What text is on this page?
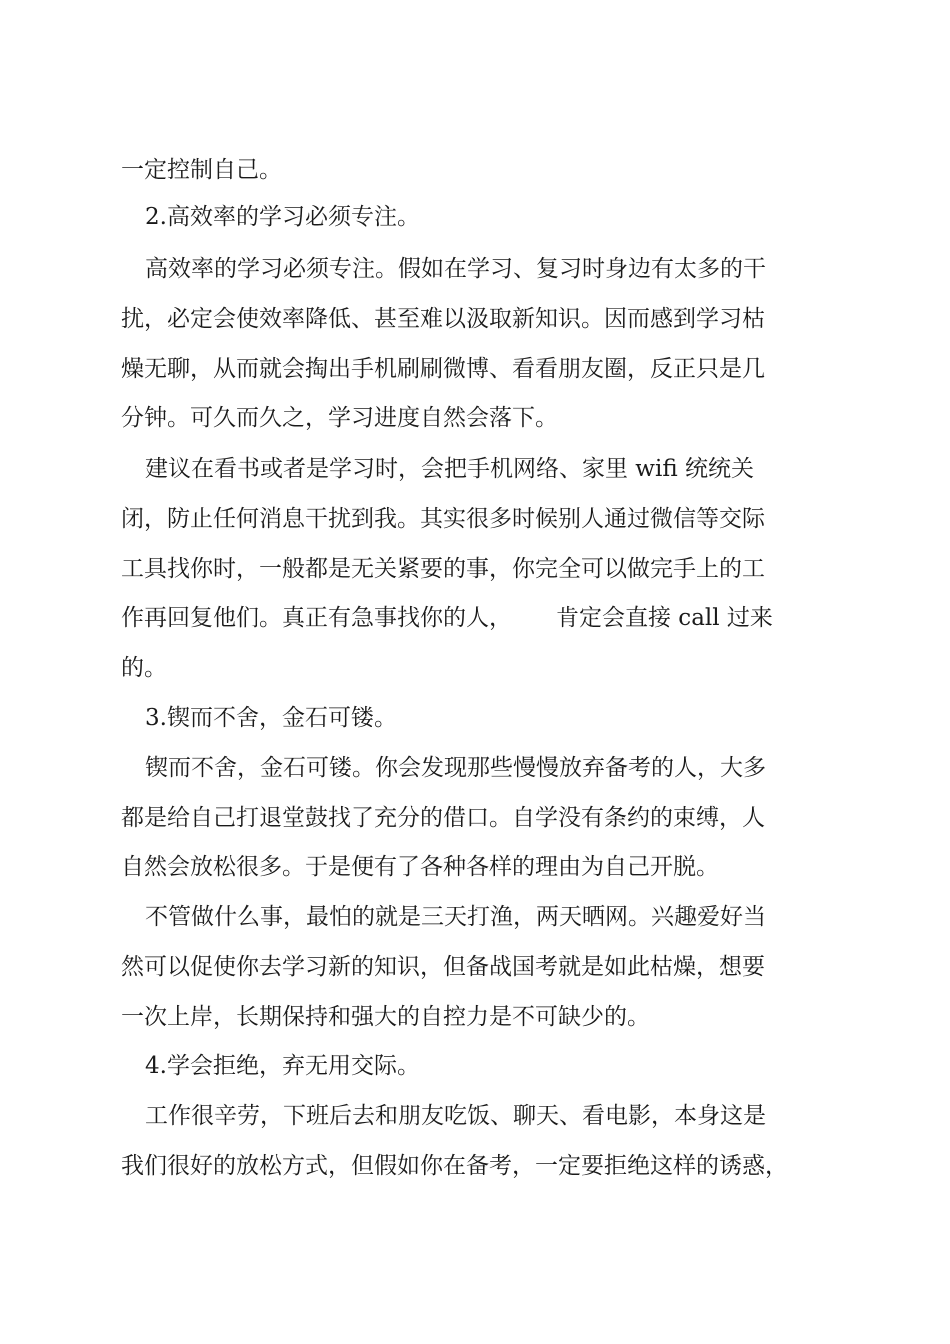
一定控制自己。

2.高效率的学习必须专注。

高效率的学习必须专注。假如在学习、复习时身边有太多的干

扰，必定会使效率降低、甚至难以汲取新知识。因而感到学习枯

燥无聊，从而就会掏出手机刷刷微博、看看朋友圈，反正只是几

分钟。可久而久之，学习进度自然会落下。

建议在看书或者是学习时，会把手机网络、家里 wifi 统统关

闭，防止任何消息干扰到我。其实很多时候别人通过微信等交际

工具找你时，一般都是无关紧要的事，你完全可以做完手上的工

作再回复他们。真正有急事找你的人， 肯定会直接 call 过来

的。

3.锲而不舍，金石可镂。

锲而不舍，金石可镂。你会发现那些慢慢放弃备考的人，大多

都是给自己打退堂鼓找了充分的借口。自学没有条约的束缚，人

自然会放松很多。于是便有了各种各样的理由为自己开脱。

不管做什么事，最怕的就是三天打渔，两天晒网。兴趣爱好当

然可以促使你去学习新的知识，但备战国考就是如此枯燥，想要

一次上岸，长期保持和强大的自控力是不可缺少的。

4.学会拒绝，弃无用交际。

工作很辛劳，下班后去和朋友吃饭、聊天、看电影，本身这是

我们很好的放松方式，但假如你在备考，一定要拒绝这样的诱惑，
